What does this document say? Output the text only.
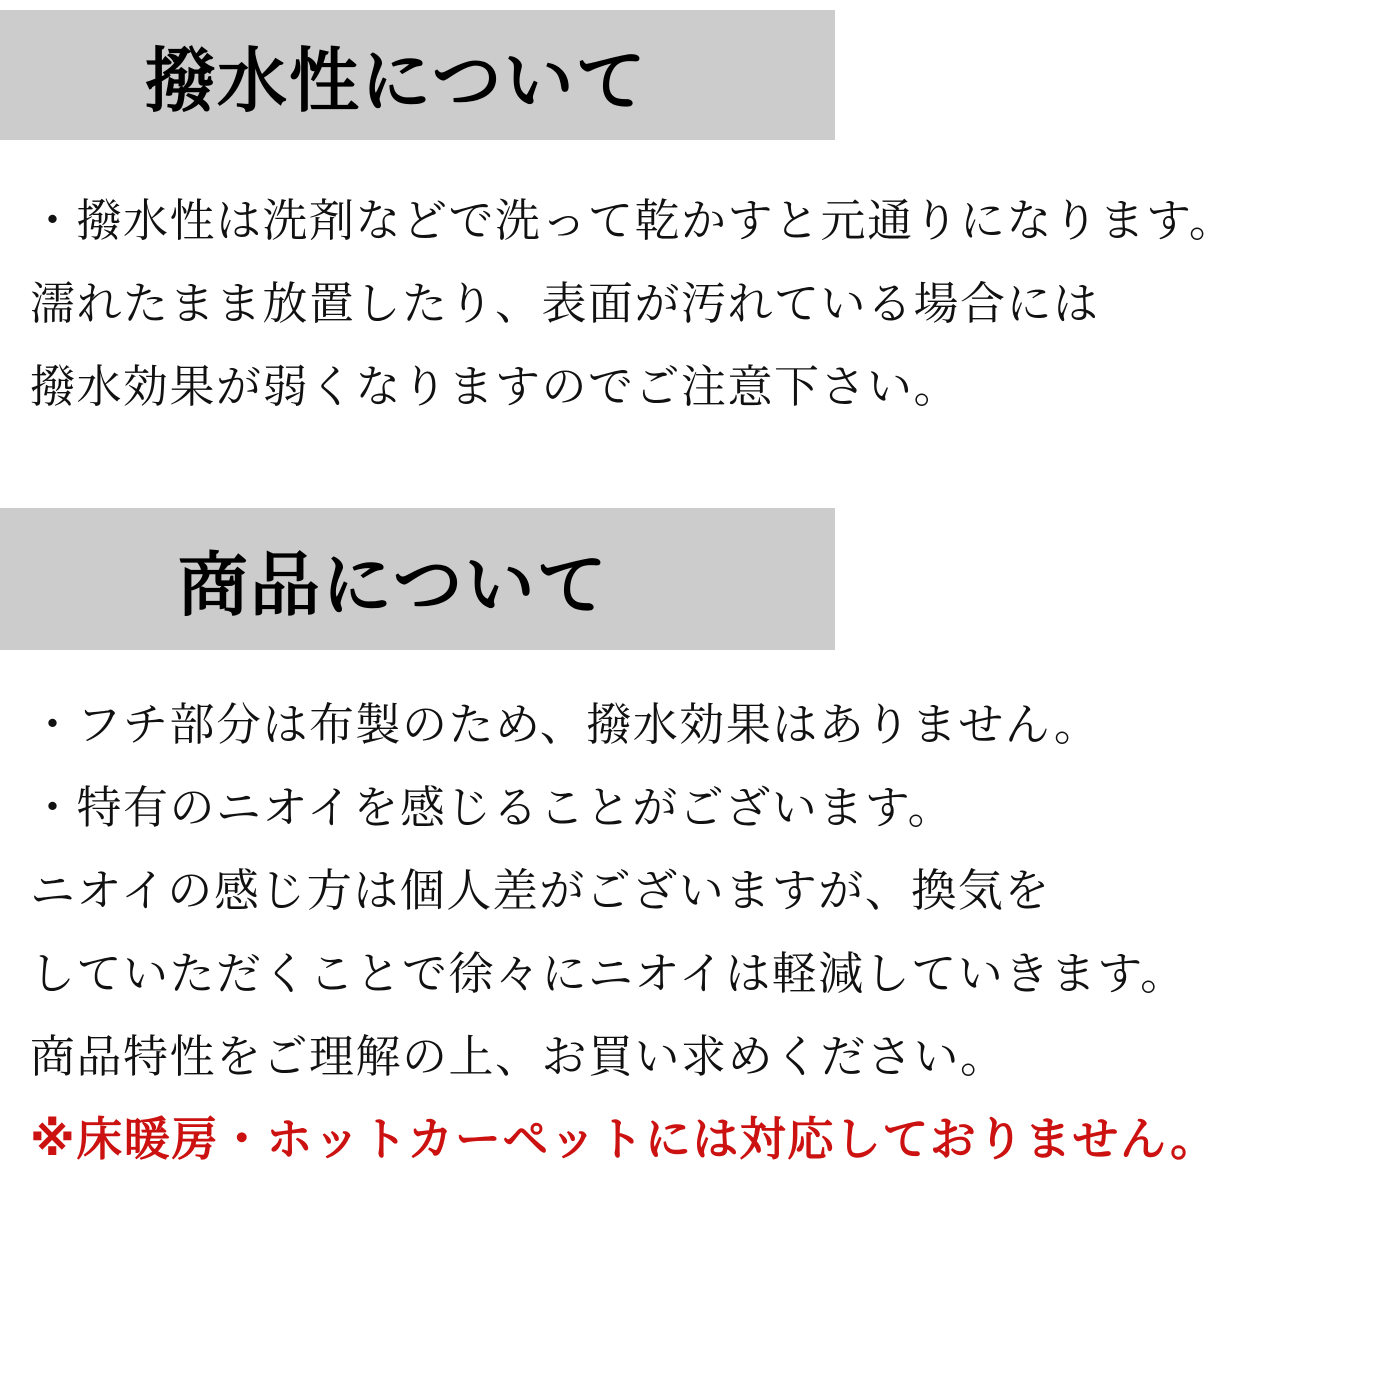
撥水性について
・撥水性は洗剤などで洗って乾かすと元通りになります。
濡れたまま放置したり、表面が汚れている場合には
撥水効果が弱くなりますのでご注意下さい。
商品について
・フチ部分は布製のため、撥水効果はありません。
・特有のニオイを感じることがございます。
ニオイの感じ方は個人差がございますが、換気を
していただくことで徐々にニオイは軽減していきます。
商品特性をご理解の上、お買い求めください。
※床暖房・ホットカーペットには対応しておりません。
